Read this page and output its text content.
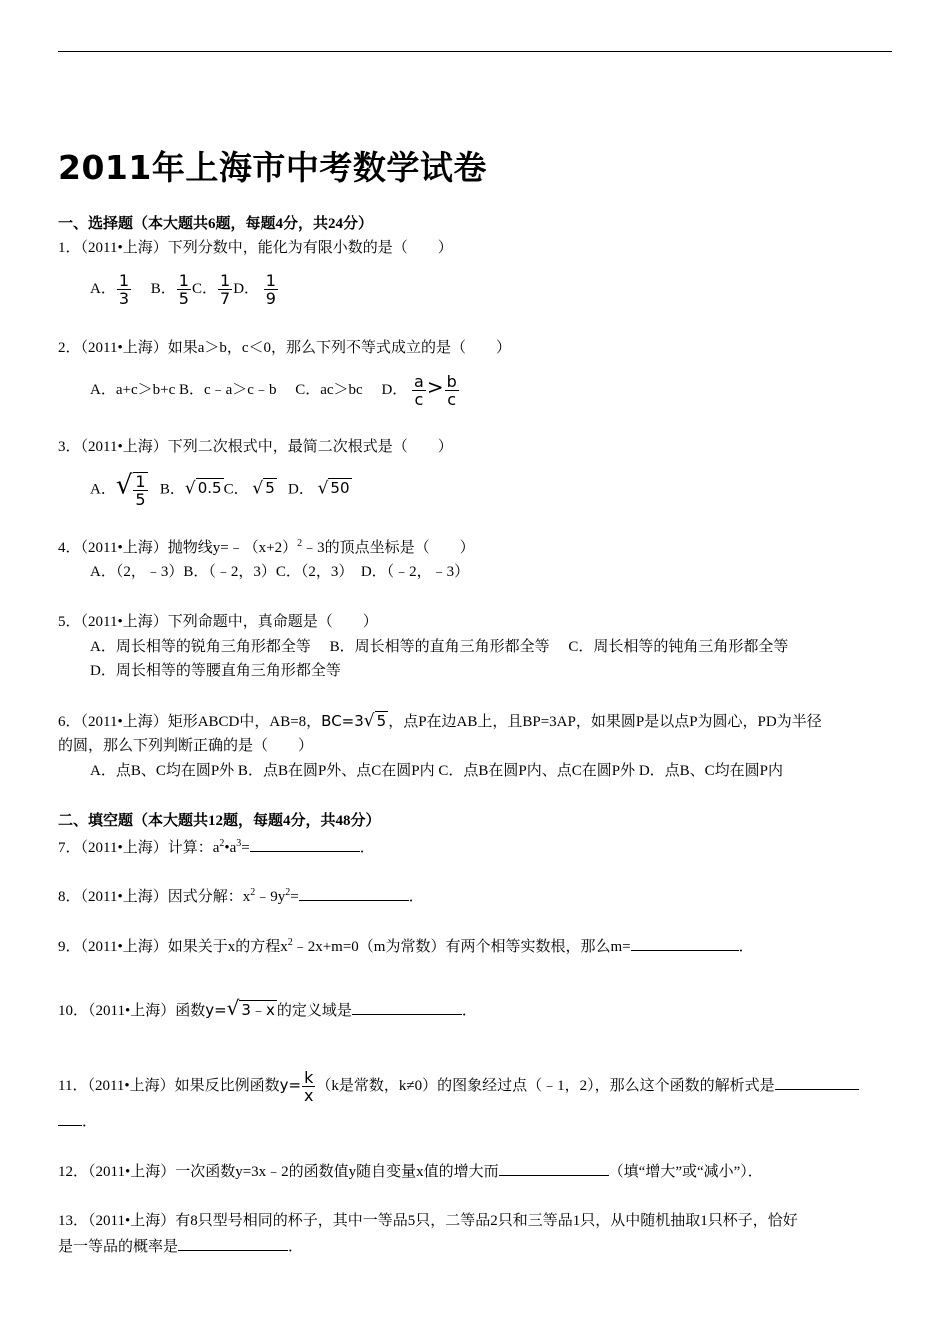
2011年上海市中考数学试卷
一、选择题（本大题共6题，每题4分，共24分）
1．（2011•上海）下列分数中，能化为有限小数的是（　　）
A． $\frac{1}{3}$ B． $\frac{1}{5}$ C． $\frac{1}{7}$ D． $\frac{1}{9}$
2．（2011•上海）如果a＞b，c＜0，那么下列不等式成立的是（　　）
A．a+c＞b+c B．c﹣a＞c﹣b C．ac＞bc D． $\frac{a}{c} > \frac{b}{c}$
3．（2011•上海）下列二次根式中，最简二次根式是（　　）
A．√ $\frac{1}{5}$ B．√ 0.5 C． √ 5 D． √ 50
4．（2011•上海）抛物线$y=﹣(x+2)^2﹣3$的顶点坐标是（　　）
A．（2，﹣3）B．（﹣2，3）C．（2，3）　D．（﹣2，﹣3）
5．（2011•上海）下列命题中，真命题是（　　）
A．周长相等的锐角三角形都全等　 B．周长相等的直角三角形都全等　 C．周长相等的钝角三角形都全等
D．周长相等的等腰直角三角形都全等
6．（2011•上海）矩形ABCD中，AB=8，BC=3√ 5 ，点P在边AB上，且BP=3AP，如果圆P是以点P为圆心，PD为半径
的圆，那么下列判断正确的是（　　）
A．点B、C均在圆P外 B．点B在圆P外、点C在圆P内 C．点B在圆P内、点C在圆P外 D．点B、C均在圆P内
二、填空题（本大题共12题，每题4分，共48分）
7．（2011•上海）计算：$a^2•a^3=$	．
8．（2011•上海）因式分解：$x^2﹣9y^2=$	．
9．（2011•上海）如果关于x的方程$x^2﹣2x+m=0(m$为常数）有两个相等实数根，那么m=	．
10．（2011•上海）函数y=√ 3﹣x 的定义域是	．
11．（2011•上海）如果反比例函数$y= \frac{k}{x} (k$是常数，k≠0）的图象经过点（﹣1，2），那么这个函数的解析式是
．
12．（2011•上海）一次函数y=3x﹣2的函数值y随自变量x值的增大而	（填“增大”或“减小”）．
13．（2011•上海）有8只型号相同的杯子，其中一等品5只，二等品2只和三等品1只，从中随机抽取1只杯子，恰好
是一等品的概率是	．
